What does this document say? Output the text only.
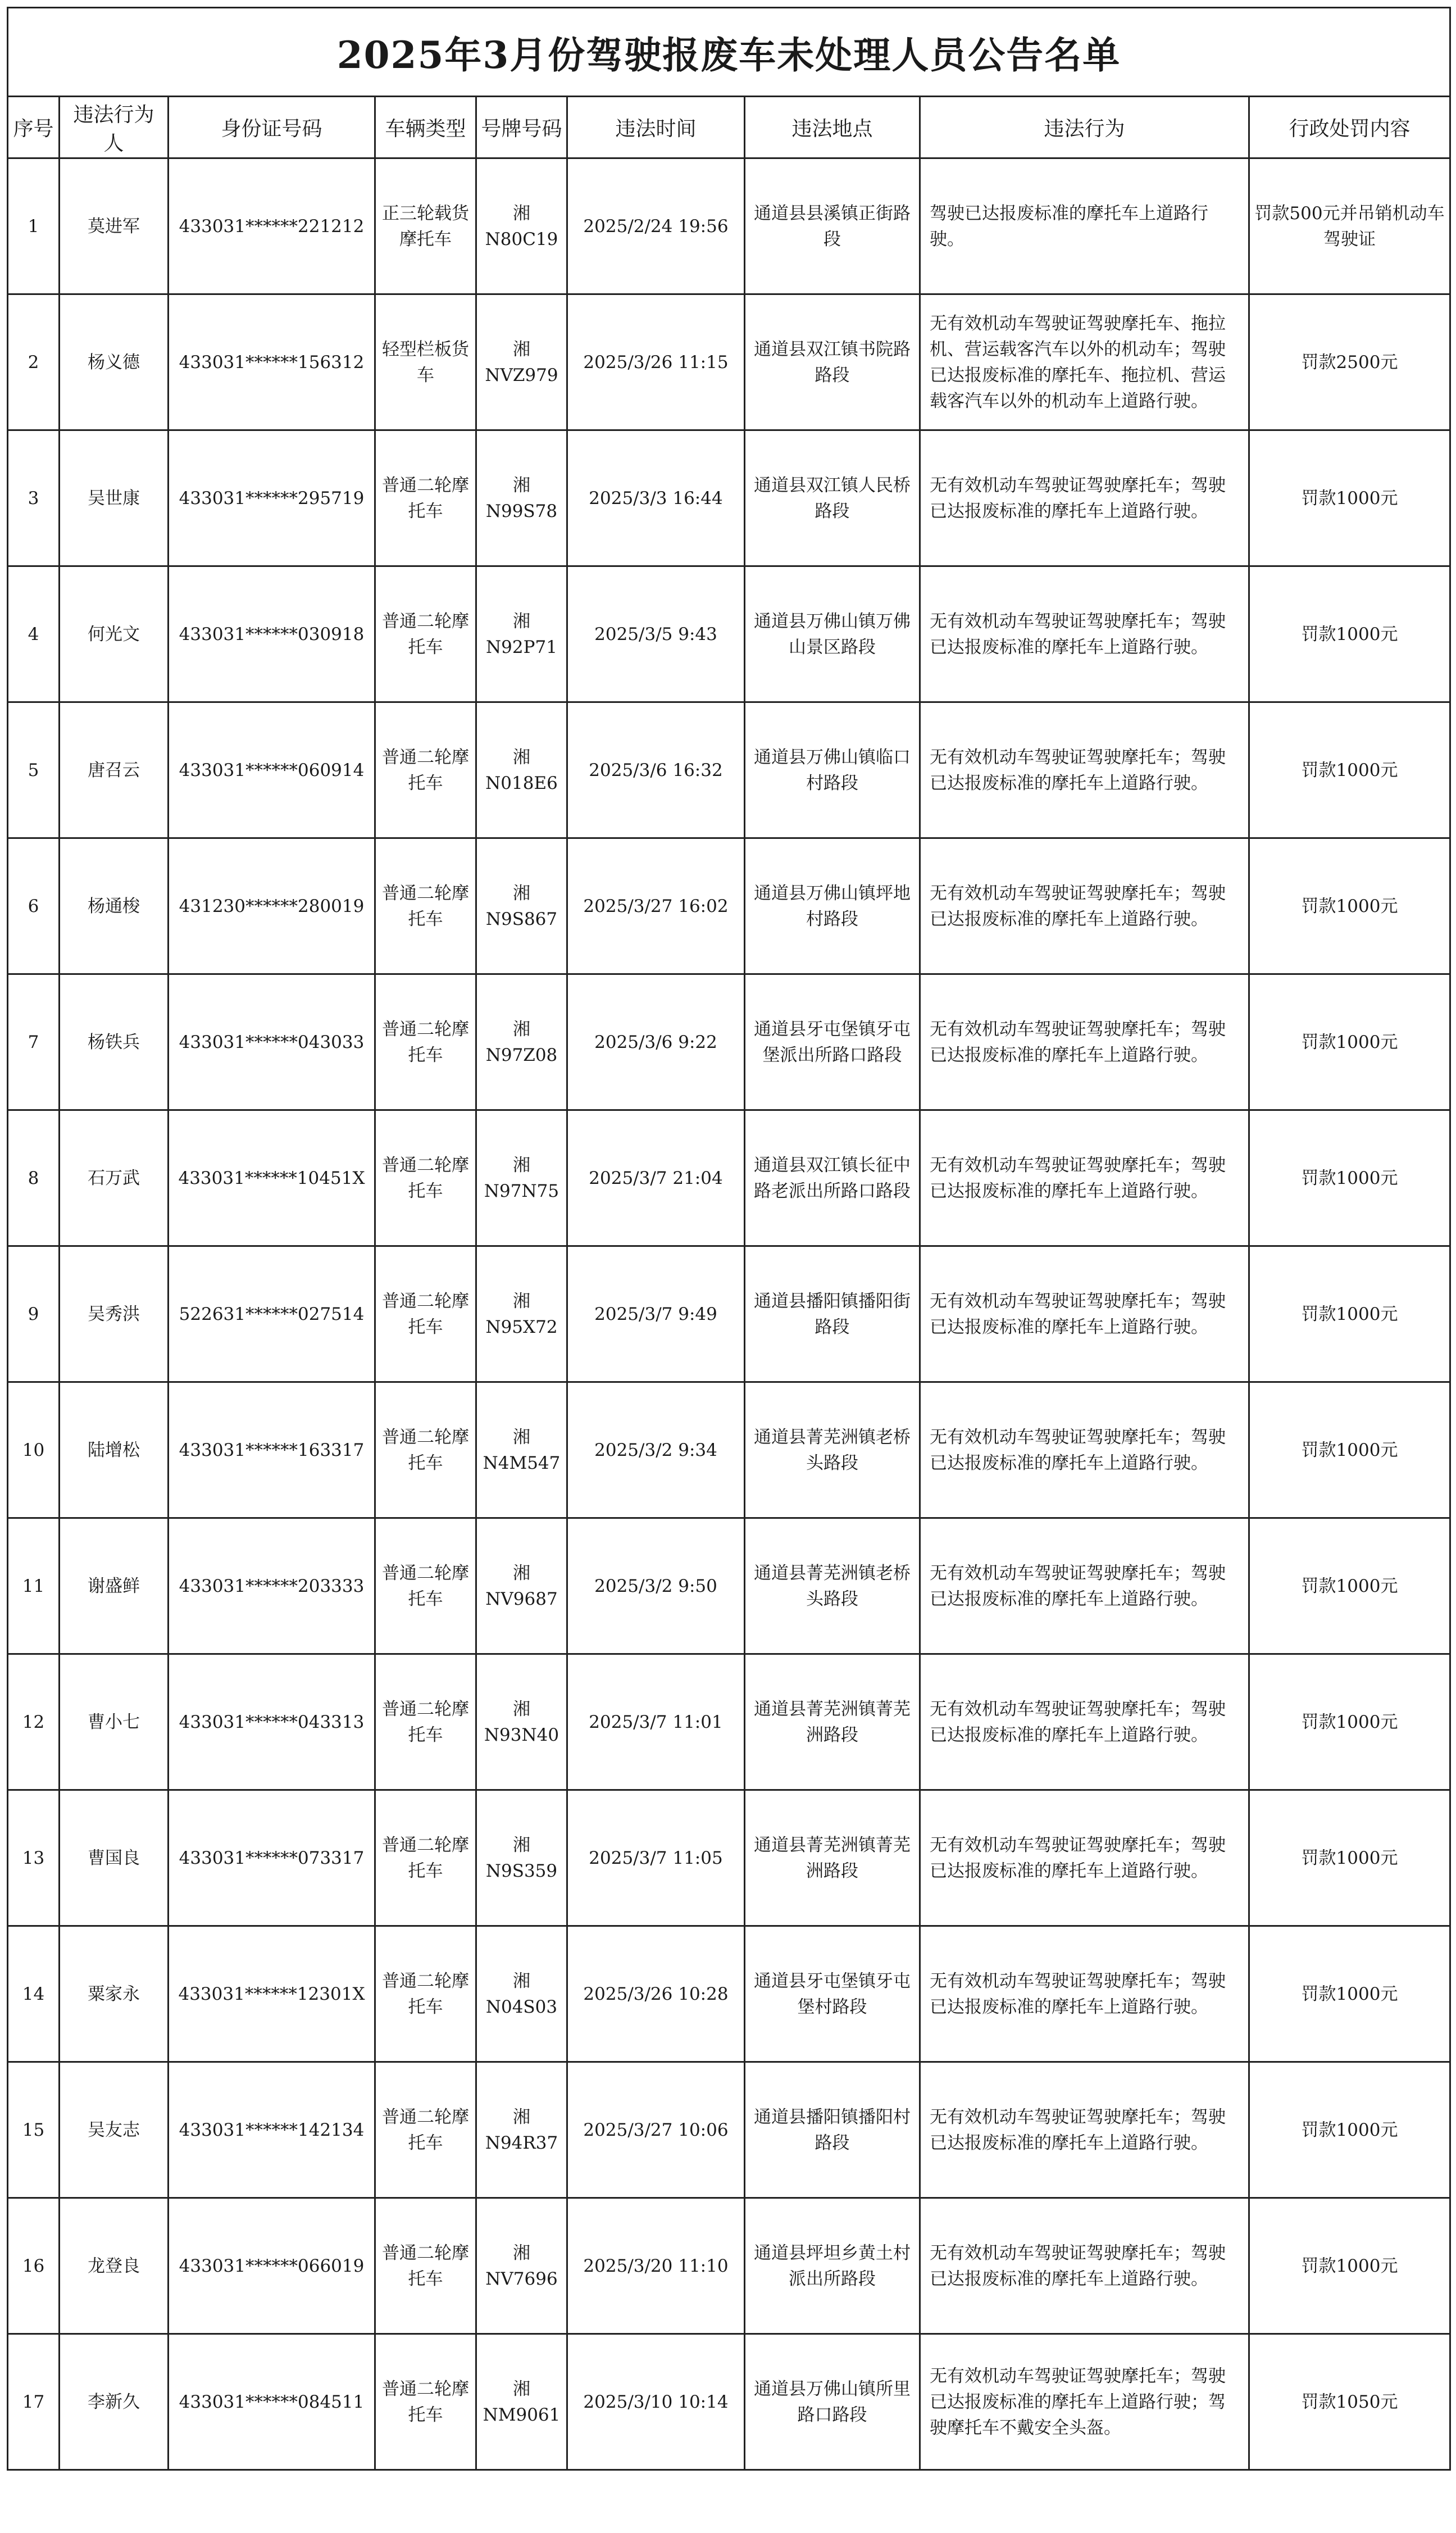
2025年3月份驾驶报废车未处理人员公告名单								
序号	违法行为人	身份证号码	车辆类型	号牌号码	违法时间	违法地点	违法行为	行政处罚内容
1	莫进军	433031******221212	正三轮载货摩托车	湘N80C19	2025/2/24 19:56	通道县县溪镇正街路段	驾驶已达报废标准的摩托车上道路行驶。	罚款500元并吊销机动车驾驶证
2	杨义德	433031******156312	轻型栏板货车	湘NVZ979	2025/3/26 11:15	通道县双江镇书院路路段	无有效机动车驾驶证驾驶摩托车、拖拉机、营运载客汽车以外的机动车；驾驶已达报废标准的摩托车、拖拉机、营运载客汽车以外的机动车上道路行驶。	罚款2500元
3	吴世康	433031******295719	普通二轮摩托车	湘N99S78	2025/3/3 16:44	通道县双江镇人民桥路段	无有效机动车驾驶证驾驶摩托车；驾驶已达报废标准的摩托车上道路行驶。	罚款1000元
4	何光文	433031******030918	普通二轮摩托车	湘N92P71	2025/3/5 9:43	通道县万佛山镇万佛山景区路段	无有效机动车驾驶证驾驶摩托车；驾驶已达报废标准的摩托车上道路行驶。	罚款1000元
5	唐召云	433031******060914	普通二轮摩托车	湘N018E6	2025/3/6 16:32	通道县万佛山镇临口村路段	无有效机动车驾驶证驾驶摩托车；驾驶已达报废标准的摩托车上道路行驶。	罚款1000元
6	杨通梭	431230******280019	普通二轮摩托车	湘N9S867	2025/3/27 16:02	通道县万佛山镇坪地村路段	无有效机动车驾驶证驾驶摩托车；驾驶已达报废标准的摩托车上道路行驶。	罚款1000元
7	杨铁兵	433031******043033	普通二轮摩托车	湘N97Z08	2025/3/6 9:22	通道县牙屯堡镇牙屯堡派出所路口路段	无有效机动车驾驶证驾驶摩托车；驾驶已达报废标准的摩托车上道路行驶。	罚款1000元
8	石万武	433031******10451X	普通二轮摩托车	湘N97N75	2025/3/7 21:04	通道县双江镇长征中路老派出所路口路段	无有效机动车驾驶证驾驶摩托车；驾驶已达报废标准的摩托车上道路行驶。	罚款1000元
9	吴秀洪	522631******027514	普通二轮摩托车	湘N95X72	2025/3/7 9:49	通道县播阳镇播阳街路段	无有效机动车驾驶证驾驶摩托车；驾驶已达报废标准的摩托车上道路行驶。	罚款1000元
10	陆增松	433031******163317	普通二轮摩托车	湘N4M547	2025/3/2 9:34	通道县菁芜洲镇老桥头路段	无有效机动车驾驶证驾驶摩托车；驾驶已达报废标准的摩托车上道路行驶。	罚款1000元
11	谢盛鲜	433031******203333	普通二轮摩托车	湘NV9687	2025/3/2 9:50	通道县菁芜洲镇老桥头路段	无有效机动车驾驶证驾驶摩托车；驾驶已达报废标准的摩托车上道路行驶。	罚款1000元
12	曹小七	433031******043313	普通二轮摩托车	湘N93N40	2025/3/7 11:01	通道县菁芜洲镇菁芜洲路段	无有效机动车驾驶证驾驶摩托车；驾驶已达报废标准的摩托车上道路行驶。	罚款1000元
13	曹国良	433031******073317	普通二轮摩托车	湘N9S359	2025/3/7 11:05	通道县菁芜洲镇菁芜洲路段	无有效机动车驾驶证驾驶摩托车；驾驶已达报废标准的摩托车上道路行驶。	罚款1000元
14	粟家永	433031******12301X	普通二轮摩托车	湘N04S03	2025/3/26 10:28	通道县牙屯堡镇牙屯堡村路段	无有效机动车驾驶证驾驶摩托车；驾驶已达报废标准的摩托车上道路行驶。	罚款1000元
15	吴友志	433031******142134	普通二轮摩托车	湘N94R37	2025/3/27 10:06	通道县播阳镇播阳村路段	无有效机动车驾驶证驾驶摩托车；驾驶已达报废标准的摩托车上道路行驶。	罚款1000元
16	龙登良	433031******066019	普通二轮摩托车	湘NV7696	2025/3/20 11:10	通道县坪坦乡黄土村派出所路段	无有效机动车驾驶证驾驶摩托车；驾驶已达报废标准的摩托车上道路行驶。	罚款1000元
17	李新久	433031******084511	普通二轮摩托车	湘NM9061	2025/3/10 10:14	通道县万佛山镇所里路口路段	无有效机动车驾驶证驾驶摩托车；驾驶已达报废标准的摩托车上道路行驶；驾驶摩托车不戴安全头盔。	罚款1050元
